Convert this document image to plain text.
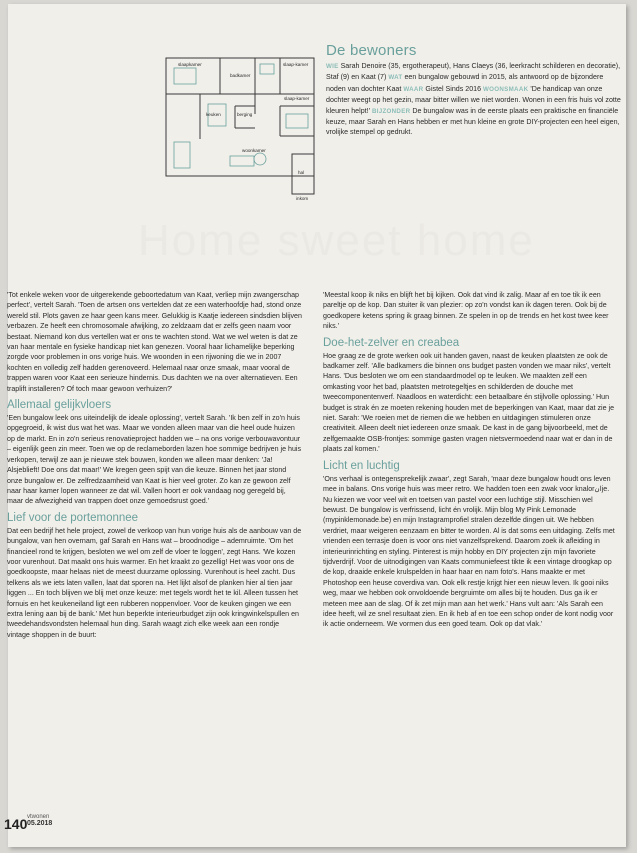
slaapkamer
badkamer
slaap-kamer
keuken	berging
slaap-kamer
woonkamer
hal
inkom
De bewoners

WIE Sarah Denoire (35, ergotherapeut), Hans Claeys (36, leerkracht schilderen en decoratie), Staf (9) en Kaat (7) WAT een bungalow gebouwd in 2015, als antwoord op de bijzondere noden van dochter Kaat WAAR Gistel Sinds 2016 WOONSMAAK 'De handicap van onze dochter weegt op het gezin, maar bitter willen we niet worden. Wonen in een fris huis vol zotte kleuren helpt!' BIJZONDER De bungalow was in de eerste plaats een praktische en financiële keuze, maar Sarah en Hans hebben er met hun kleine en grote DIY-projecten een heel eigen, vrolijke stempel op gedrukt.

Home sweet home

'Tot enkele weken voor de uitgerekende geboortedatum van Kaat, verliep mijn zwangerschap perfect', vertelt Sarah. 'Toen de artsen ons vertelden dat ze een waterhoofdje had, stond onze wereld stil. Plots gaven ze haar geen kans meer. Gelukkig is Kaatje iedereen sindsdien blijven verbazen. Ze heeft een chromosomale afwijking, zo zeldzaam dat er zelfs geen naam voor bestaat. Niemand kon dus vertellen wat er ons te wachten stond. Wat we wel weten is dat ze van haar mentale en fysieke handicap niet kan genezen. Vooral haar lichamelijke beperking zorgde voor problemen in ons vorige huis. We woonden in een rijwoning die we in 2007 kochten en volledig zelf hadden gerenoveerd. Helemaal naar onze smaak, maar vooral de trappen waren voor Kaat een serieuze hindernis. Dus dachten we na over alternatieven. Een traplift installeren? Of toch maar gewoon verhuizen?'

Allemaal gelijkvloers

'Een bungalow leek ons uiteindelijk de ideale oplossing', vertelt Sarah. 'Ik ben zelf in zo'n huis opgegroeid, ik wist dus wat het was. Maar we vonden alleen maar van die heel oude huizen op de markt. En in zo'n serieus renovatieproject hadden we – na ons vorige verbouwavontuur – eigenlijk geen zin meer. Toen we op de reclameborden lazen hoe sommige bedrijven je huis verkopen, terwijl ze aan je nieuwe stek bouwen, konden we alleen maar denken: 'Ja! Alsjeblieft! Doe ons dat maar!' We kregen geen spijt van die keuze. Binnen het jaar stond onze bungalow er. De zelfredzaamheid van Kaat is hier veel groter. Zo kan ze gewoon zelf naar haar kamer lopen wanneer ze dat wil. Vallen hoort er ook vandaag nog geregeld bij, maar de afwezigheid van trappen doet onze gemoedsrust goed.'

Lief voor de portemonnee

Dat een bedrijf het hele project, zowel de verkoop van hun vorige huis als de aanbouw van de bungalow, van hen overnam, gaf Sarah en Hans wat – broodnodige – ademruimte. 'Om het financieel rond te krijgen, besloten we wel om zelf de vloer te loggen', zegt Hans. 'We kozen voor vurenhout. Dat maakt ons huis warmer. En het kraakt zo gezellig! Het was voor ons de goedkoopste, maar helaas niet de meest duurzame oplossing. Vurenhout is heel zacht. Dus telkens als we iets laten vallen, laat dat sporen na. Het lijkt alsof de planken hier al tien jaar liggen ... En toch blijven we blij met onze keuze: met tegels wordt het te kil. Alleen tussen het fornuis en het keukeneiland ligt een rubberen noppenvloer. Voor de keuken gingen we een extra lening aan bij de bank.' Met hun beperkte interieurbudget zijn ook kringwinkelspullen en tweedehandsvondsten helemaal hun ding. Sarah waagt zich elke week aan een rondje vintage shoppen in de buurt:

'Meestal koop ik niks en blijft het bij kijken. Ook dat vind ik zalig. Maar af en toe tik ik een pareltje op de kop. Dan stuiter ik van plezier: op zo'n vondst kan ik dagen teren. Ook bij de goedkopere ketens spring ik graag binnen. Ze spelen in op de trends en het kost twee keer niks.'

Doe-het-zelver en creabea

Hoe graag ze de grote werken ook uit handen gaven, naast de keuken plaatsten ze ook de badkamer zelf. 'Alle badkamers die binnen ons budget pasten vonden we maar niks', vertelt Hans. 'Dus besloten we om een standaardmodel op te leuken. We maakten zelf een omkasting voor het bad, plaatsten metrotegeltjes en schilderden de douche met tweecomponentenverf. Naadloos en waterdicht: een betaalbare én stijlvolle oplossing.' Hun budget is strak én ze moeten rekening houden met de beperkingen van Kaat, maar dat zie je niet. Sarah: 'We roeien met de riemen die we hebben en uitdagingen stimuleren onze creativiteit. Alleen deelt niet iedereen onze smaak. De kast in de gang bijvoorbeeld, met de zelfgemaakte OSB-frontjes: sommige gasten vragen nietsvermoedend naar wat er dan in de plaats zal komen.'

Licht en luchtig

'Ons verhaal is ontegensprekelijk zwaar', zegt Sarah, 'maar deze bungalow houdt ons leven mee in balans. Ons vorige huis was meer retro. We hadden toen een zwak voor knalorانje. Nu kiezen we voor veel wit en toetsen van pastel voor een luchtige stijl. Misschien wel bewust. De bungalow is verfrissend, licht én vrolijk. Mijn blog My Pink Lemonade (mypinklemonade.be) en mijn Instagramprofiel stralen dezelfde dingen uit. We hebben verdriet, maar weigeren eenzaam en bitter te worden. Al is dat soms een uitdaging. Zelfs met vrienden een terrasje doen is voor ons niet vanzelfsprekend. Daarom zoek ik afleiding in interieurinrichting en styling. Pinterest is mijn hobby en DIY projecten zijn mijn favoriete tijdverdrijf. Voor de uitnodigingen van Kaats communiefeest tikte ik een vintage droogkap op de kop, draaide enkele krulspelden in haar haar en nam foto's. Hans maakte er met Photoshop een heuse coverdiva van. Ook elk restje krijgt hier een nieuw leven. Ik gooi niks weg, maar we hebben ook onvoldoende bergruimte om alles bij te houden. Dus ga ik er meteen mee aan de slag. Of ik zet mijn man aan het werk.' Hans vult aan: 'Als Sarah een idee heeft, wil ze snel resultaat zien. En ik heb af en toe een schop onder de kont nodig voor ik actie onderneem. We vormen dus een goed team. Ook op dat vlak.'

140 vtwonen
05.2018
